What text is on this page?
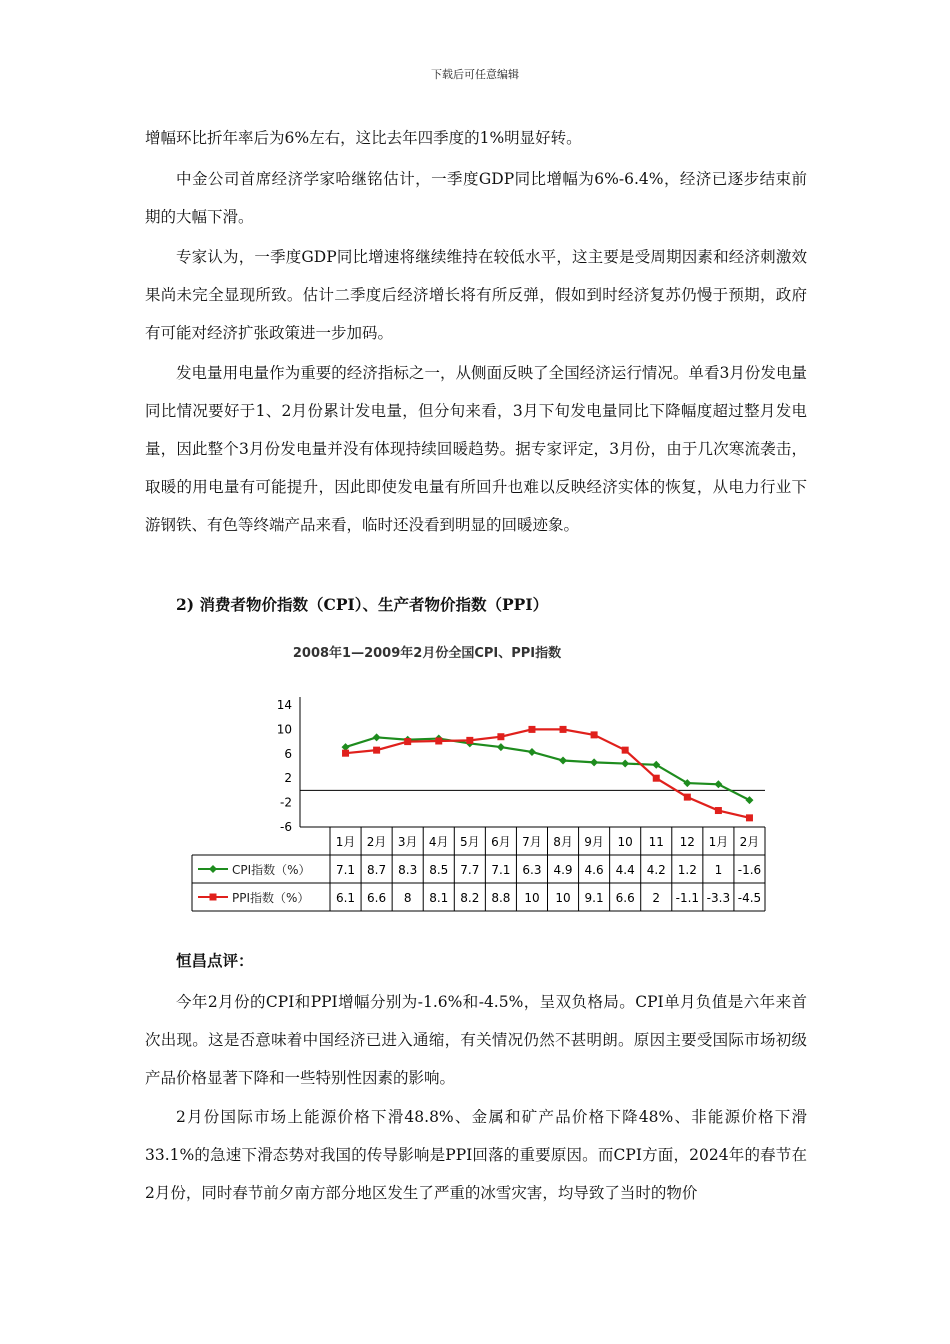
下载后可任意编辑

增幅环比折年率后为6%左右，这比去年四季度的1%明显好转。

中金公司首席经济学家哈继铭估计，一季度GDP同比增幅为6%-6.4%，经济已逐步结束前期的大幅下滑。

专家认为，一季度GDP同比增速将继续维持在较低水平，这主要是受周期因素和经济刺激效果尚未完全显现所致。估计二季度后经济增长将有所反弹，假如到时经济复苏仍慢于预期，政府有可能对经济扩张政策进一步加码。

发电量用电量作为重要的经济指标之一，从侧面反映了全国经济运行情况。单看3月份发电量同比情况要好于1、2月份累计发电量，但分旬来看，3月下旬发电量同比下降幅度超过整月发电量，因此整个3月份发电量并没有体现持续回暖趋势。据专家评定，3月份，由于几次寒流袭击，取暖的用电量有可能提升，因此即使发电量有所回升也难以反映经济实体的恢复，从电力行业下游钢铁、有色等终端产品来看，临时还没看到明显的回暖迹象。

2) 消费者物价指数（CPI）、生产者物价指数（PPI）

2008年1—2009年2月份全国CPI、PPI指数
14
10
6
2
-2
-6
1月 2月 3月 4月 5月 6月 7月 8月 9月 10 11 12 1月 2月
CPI指数（%） 7.1 8.7 8.3 8.5 7.7 7.1 6.3 4.9 4.6 4.4 4.2 1.2 1 -1.6
PPI指数（%） 6.1 6.6 8 8.1 8.2 8.8 10 10 9.1 6.6 2 -1.1 -3.3 -4.5

恒昌点评：

今年2月份的CPI和PPI增幅分别为-1.6%和-4.5%，呈双负格局。CPI单月负值是六年来首次出现。这是否意味着中国经济已进入通缩，有关情况仍然不甚明朗。原因主要受国际市场初级产品价格显著下降和一些特别性因素的影响。

2月份国际市场上能源价格下滑48.8%、金属和矿产品价格下降48%、非能源价格下滑33.1%的急速下滑态势对我国的传导影响是PPI回落的重要原因。而CPI方面，2024年的春节在2月份，同时春节前夕南方部分地区发生了严重的冰雪灾害，均导致了当时的物价
